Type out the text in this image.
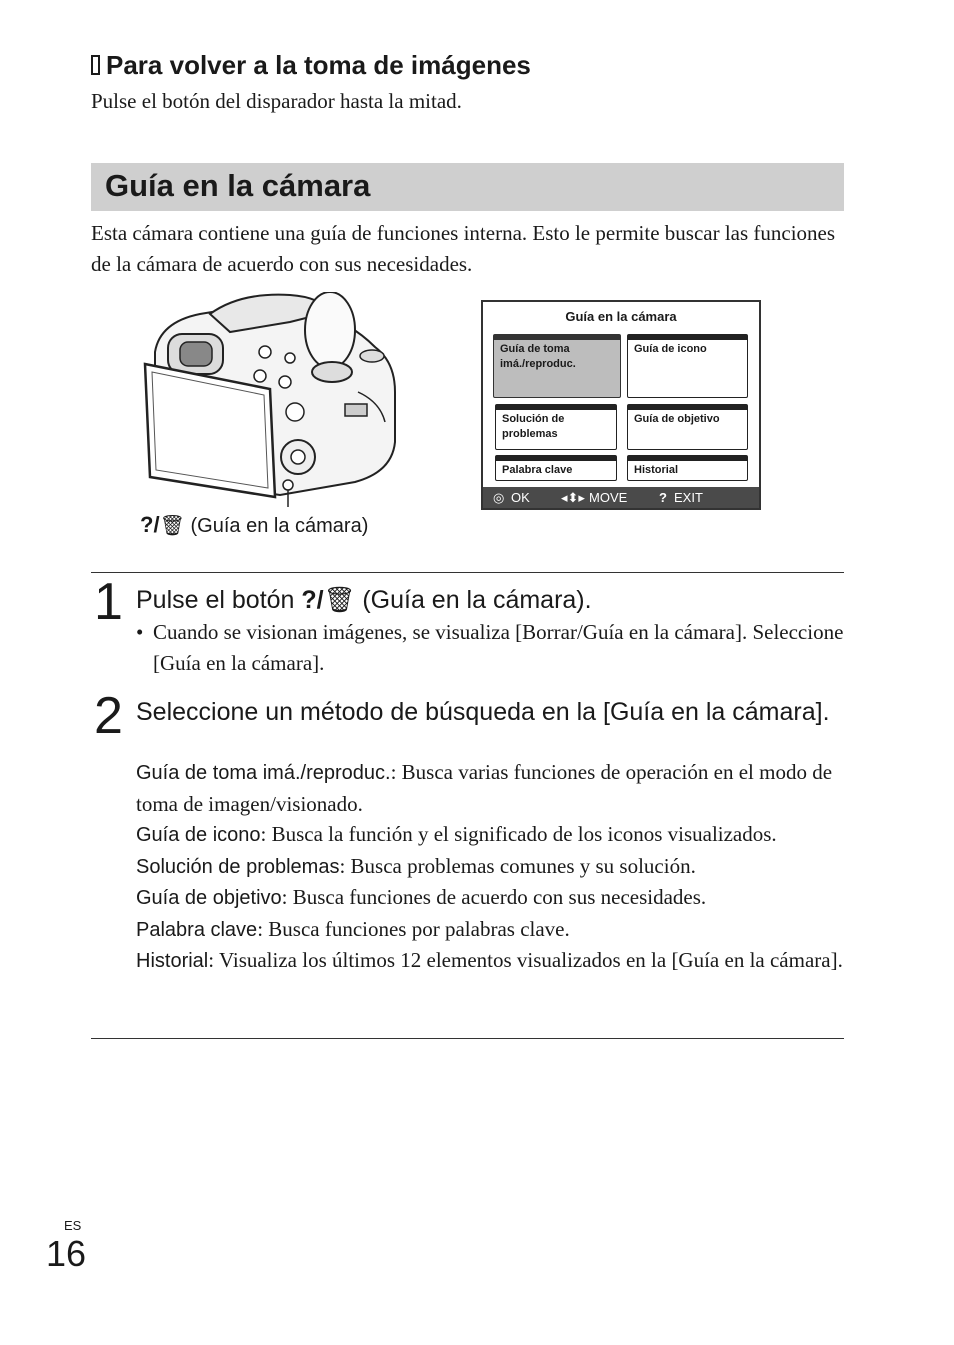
Para volver a la toma de imágenes
Pulse el botón del disparador hasta la mitad.
Guía en la cámara
Esta cámara contiene una guía de funciones interna. Esto le permite buscar las funciones de la cámara de acuerdo con sus necesidades.
?/🗑 (Guía en la cámara)
Guía en la cámara
Guía de toma imá./reproduc.
Guía de icono
Solución de problemas
Guía de objetivo
Palabra clave	Historial
◎ OK ◂⬍▸ MOVE ? EXIT
1 Pulse el botón ?/🗑 (Guía en la cámara).
• Cuando se visionan imágenes, se visualiza [Borrar/Guía en la cámara]. Seleccione [Guía en la cámara].
2 Seleccione un método de búsqueda en la [Guía en la cámara].

Guía de toma imá./reproduc.: Busca varias funciones de operación en el modo de toma de imagen/visionado.

Guía de icono: Busca la función y el significado de los iconos visualizados.

Solución de problemas: Busca problemas comunes y su solución.

Guía de objetivo: Busca funciones de acuerdo con sus necesidades.

Palabra clave: Busca funciones por palabras clave.

Historial: Visualiza los últimos 12 elementos visualizados en la [Guía en la cámara].

ES
16
